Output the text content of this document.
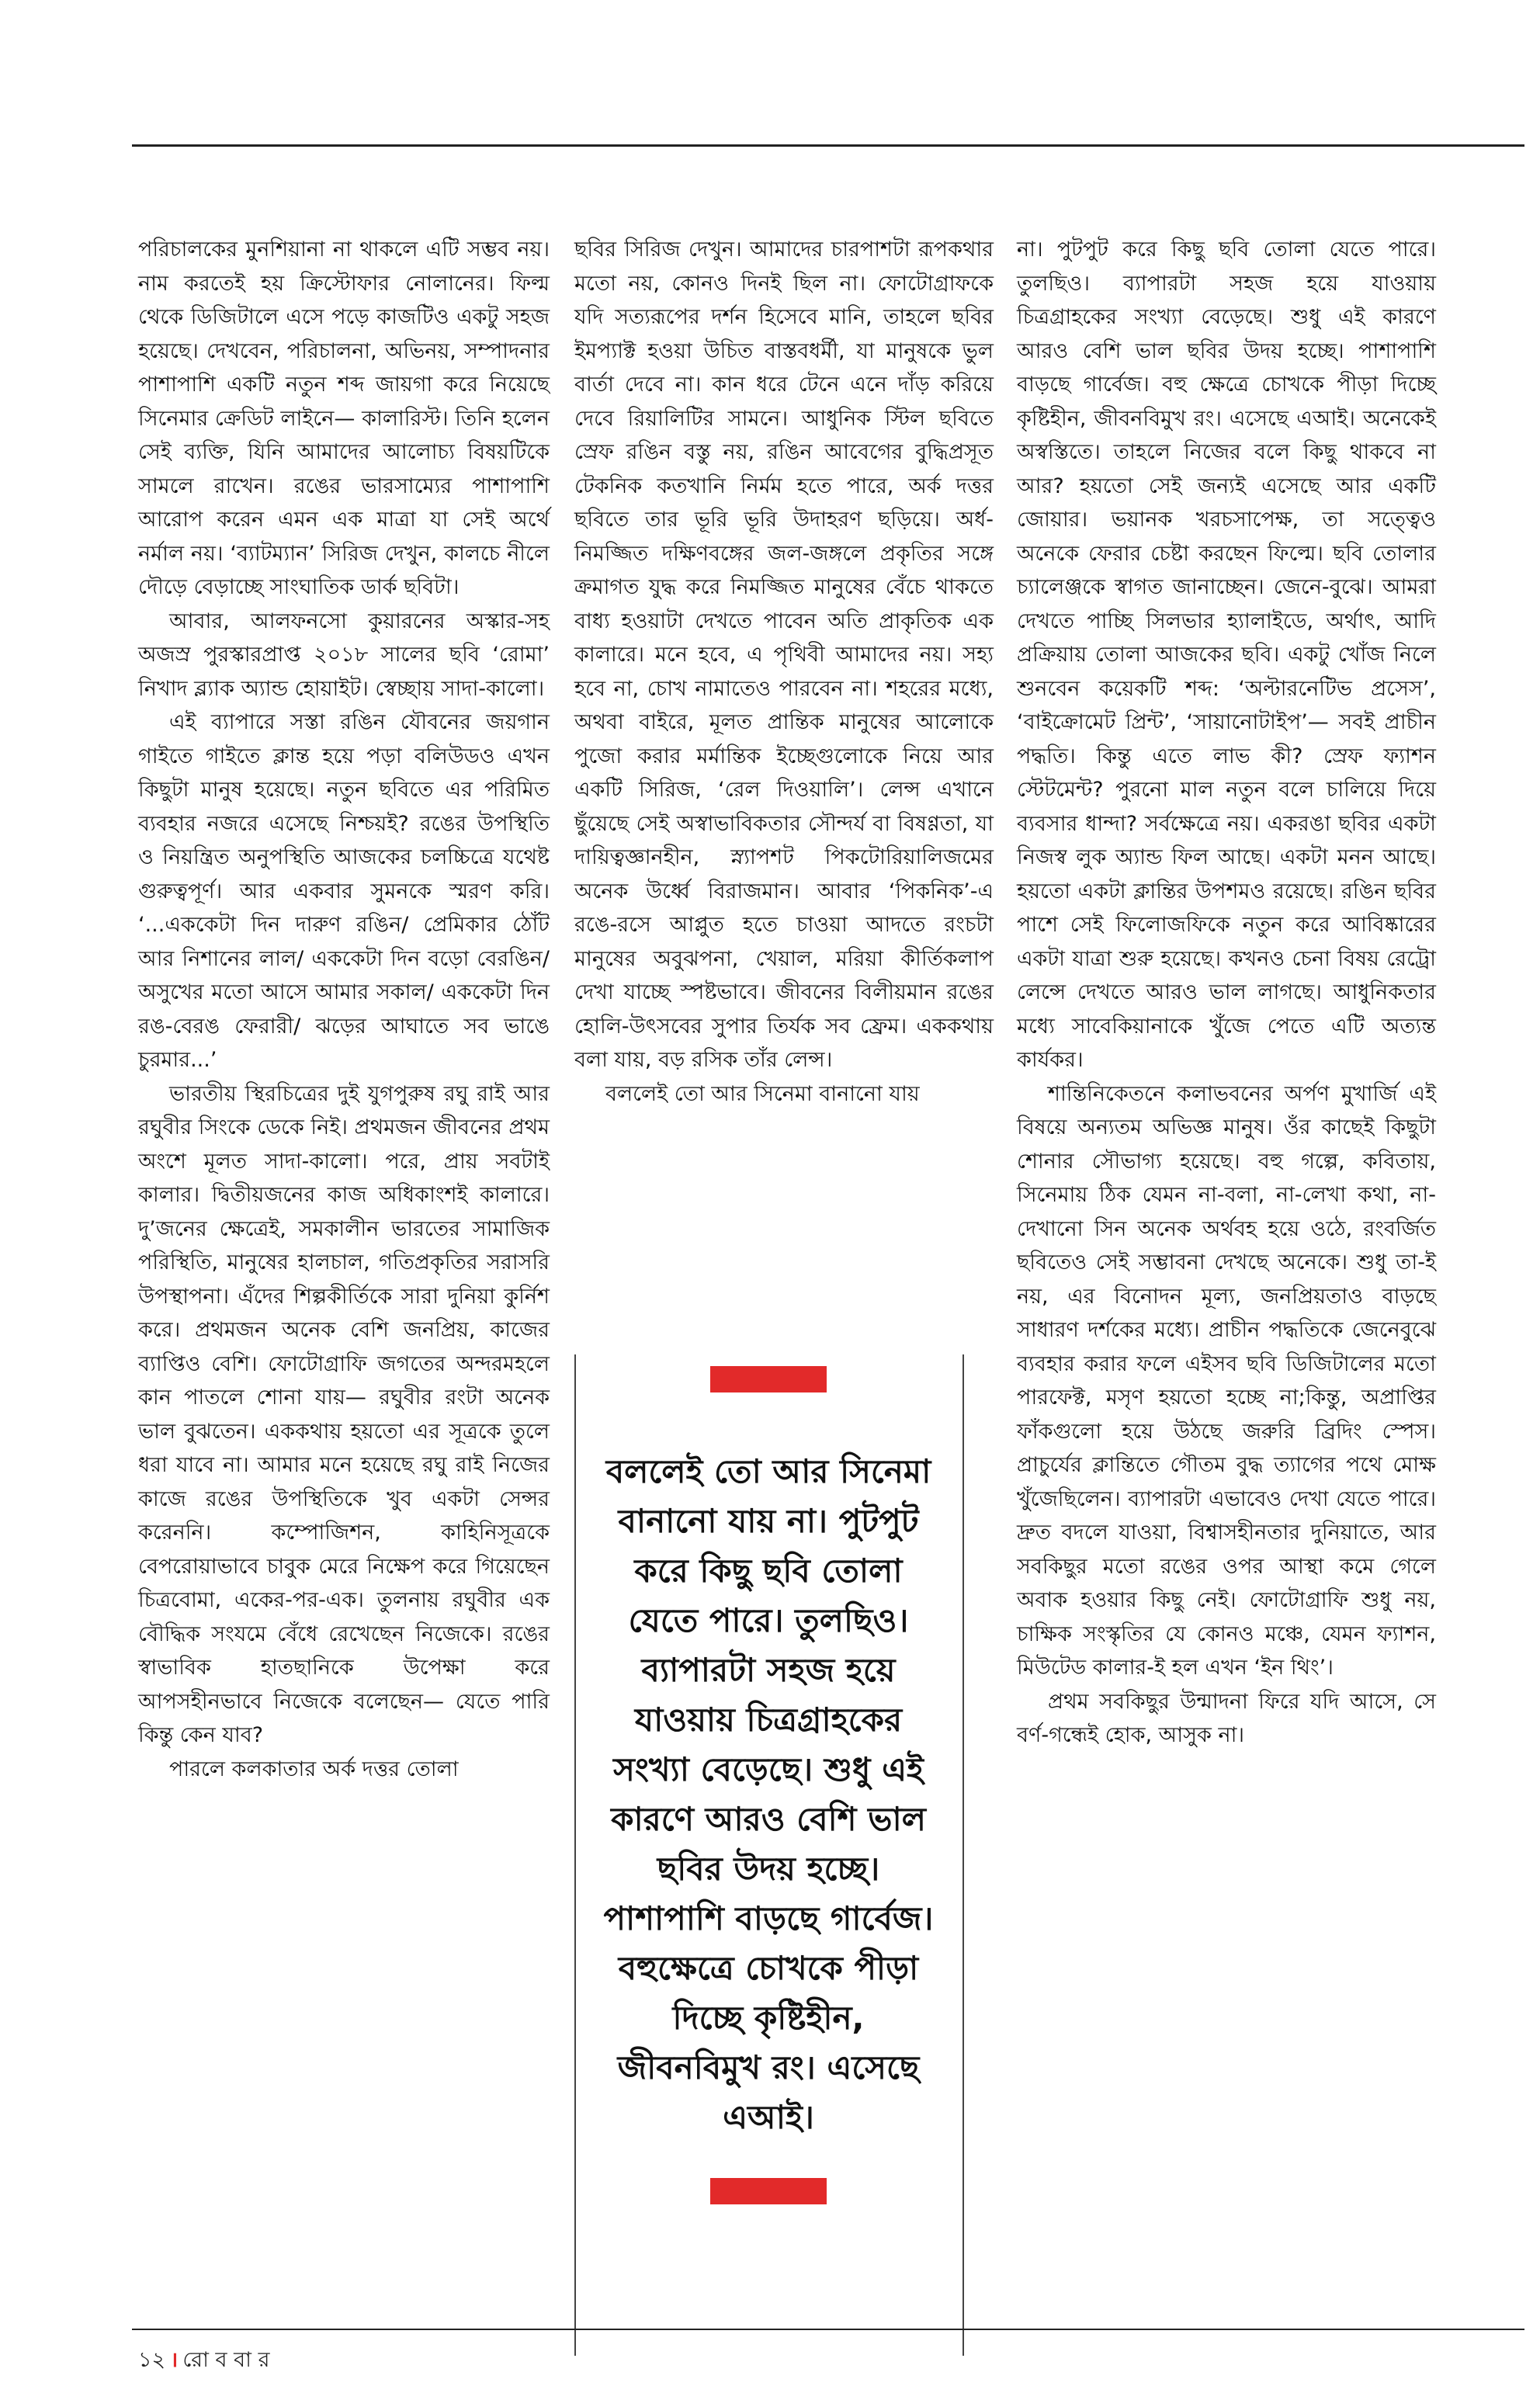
পরিচালকের মুনশিয়ানা না থাকলে এটি সম্ভব নয়। নাম করতেই হয় ক্রিস্টোফার নোলানের। ফিল্ম থেকে ডিজিটালে এসে পড়ে কাজটিও একটু সহজ হয়েছে। দেখবেন, পরিচালনা, অভিনয়, সম্পাদনার পাশাপাশি একটি নতুন শব্দ জায়গা করে নিয়েছে সিনেমার ক্রেডিট লাইনে— কালারিস্ট। তিনি হলেন সেই ব্যক্তি, যিনি আমাদের আলোচ্য বিষয়টিকে সামলে রাখেন। রঙের ভারসাম্যের পাশাপাশি আরোপ করেন এমন এক মাত্রা যা সেই অর্থে নর্মাল নয়। ‘ব্যাটম্যান’ সিরিজ দেখুন, কালচে নীলে দৌড়ে বেড়াচ্ছে সাংঘাতিক ডার্ক ছবিটা।

আবার, আলফনসো কুয়ারনের অস্কার-সহ অজস্র পুরস্কারপ্রাপ্ত ২০১৮ সালের ছবি ‘রোমা’ নিখাদ ব্ল্যাক অ্যান্ড হোয়াইট। স্বেচ্ছায় সাদা-কালো।

এই ব্যাপারে সস্তা রঙিন যৌবনের জয়গান গাইতে গাইতে ক্লান্ত হয়ে পড়া বলিউডও এখন কিছুটা মানুষ হয়েছে। নতুন ছবিতে এর পরিমিত ব্যবহার নজরে এসেছে নিশ্চয়ই? রঙের উপস্থিতি ও নিয়ন্ত্রিত অনুপস্থিতি আজকের চলচ্চিত্রে যথেষ্ট গুরুত্বপূর্ণ। আর একবার সুমনকে স্মরণ করি। ‘...এককেটা দিন দারুণ রঙিন/ প্রেমিকার ঠোঁট আর নিশানের লাল/ এককেটা দিন বড়ো বেরঙিন/ অসুখের মতো আসে আমার সকাল/ এককেটা দিন রঙ-বেরঙ ফেরারী/ ঝড়ের আঘাতে সব ভাঙে চুরমার...’

ভারতীয় স্থিরচিত্রের দুই যুগপুরুষ রঘু রাই আর রঘুবীর সিংকে ডেকে নিই। প্রথমজন জীবনের প্রথম অংশে মূলত সাদা-কালো। পরে, প্রায় সবটাই কালার। দ্বিতীয়জনের কাজ অধিকাংশই কালারে। দু’জনের ক্ষেত্রেই, সমকালীন ভারতের সামাজিক পরিস্থিতি, মানুষের হালচাল, গতিপ্রকৃতির সরাসরি উপস্থাপনা। এঁদের শিল্পকীর্তিকে সারা দুনিয়া কুর্নিশ করে। প্রথমজন অনেক বেশি জনপ্রিয়, কাজের ব্যাপ্তিও বেশি। ফোটোগ্রাফি জগতের অন্দরমহলে কান পাতলে শোনা যায়— রঘুবীর রংটা অনেক ভাল বুঝতেন। এককথায় হয়তো এর সূত্রকে তুলে ধরা যাবে না। আমার মনে হয়েছে রঘু রাই নিজের কাজে রঙের উপস্থিতিকে খুব একটা সেন্সর করেননি। কম্পোজিশন, কাহিনিসূত্রকে বেপরোয়াভাবে চাবুক মেরে নিক্ষেপ করে গিয়েছেন চিত্রবোমা, একের-পর-এক। তুলনায় রঘুবীর এক বৌদ্ধিক সংযমে বেঁধে রেখেছেন নিজেকে। রঙের স্বাভাবিক হাতছানিকে উপেক্ষা করে আপসহীনভাবে নিজেকে বলেছেন— যেতে পারি কিন্তু কেন যাব?

পারলে কলকাতার অর্ক দত্তর তোলা

ছবির সিরিজ দেখুন। আমাদের চারপাশটা রূপকথার মতো নয়, কোনও দিনই ছিল না। ফোটোগ্রাফকে যদি সত্যরূপের দর্শন হিসেবে মানি, তাহলে ছবির ইমপ্যাক্ট হওয়া উচিত বাস্তবধর্মী, যা মানুষকে ভুল বার্তা দেবে না। কান ধরে টেনে এনে দাঁড় করিয়ে দেবে রিয়ালিটির সামনে। আধুনিক স্টিল ছবিতে স্রেফ রঙিন বস্তু নয়, রঙিন আবেগের বুদ্ধিপ্রসূত টেকনিক কতখানি নির্মম হতে পারে, অর্ক দত্তর ছবিতে তার ভূরি ভূরি উদাহরণ ছড়িয়ে। অর্ধ-নিমজ্জিত দক্ষিণবঙ্গের জল-জঙ্গলে প্রকৃতির সঙ্গে ক্রমাগত যুদ্ধ করে নিমজ্জিত মানুষের বেঁচে থাকতে বাধ্য হওয়াটা দেখতে পাবেন অতি প্রাকৃতিক এক কালারে। মনে হবে, এ পৃথিবী আমাদের নয়। সহ্য হবে না, চোখ নামাতেও পারবেন না। শহরের মধ্যে, অথবা বাইরে, মূলত প্রান্তিক মানুষের আলোকে পুজো করার মর্মান্তিক ইচ্ছেগুলোকে নিয়ে আর একটি সিরিজ, ‘রেল দিওয়ালি’। লেন্স এখানে ছুঁয়েছে সেই অস্বাভাবিকতার সৌন্দর্য বা বিষণ্ণতা, যা দায়িত্বজ্ঞানহীন, স্ন্যাপশট পিকটোরিয়ালিজমের অনেক উর্ধ্বে বিরাজমান। আবার ‘পিকনিক’-এ রঙে-রসে আপ্লুত হতে চাওয়া আদতে রংচটা মানুষের অবুঝপনা, খেয়াল, মরিয়া কীর্তিকলাপ দেখা যাচ্ছে স্পষ্টভাবে। জীবনের বিলীয়মান রঙের হোলি-উৎসবের সুপার তির্যক সব ফ্রেম। এককথায় বলা যায়, বড় রসিক তাঁর লেন্স।

বললেই তো আর সিনেমা বানানো যায়

বললেই তো আর সিনেমা বানানো যায় না। পুটপুট করে কিছু ছবি তোলা যেতে পারে। তুলছিও। ব্যাপারটা সহজ হয়ে যাওয়ায় চিত্রগ্রাহকের সংখ্যা বেড়েছে। শুধু এই কারণে আরও বেশি ভাল ছবির উদয় হচ্ছে। পাশাপাশি বাড়ছে গার্বেজ। বহুক্ষেত্রে চোখকে পীড়া দিচ্ছে কৃষ্টিহীন, জীবনবিমুখ রং। এসেছে এআই।

না। পুটপুট করে কিছু ছবি তোলা যেতে পারে। তুলছিও। ব্যাপারটা সহজ হয়ে যাওয়ায় চিত্রগ্রাহকের সংখ্যা বেড়েছে। শুধু এই কারণে আরও বেশি ভাল ছবির উদয় হচ্ছে। পাশাপাশি বাড়ছে গার্বেজ। বহু ক্ষেত্রে চোখকে পীড়া দিচ্ছে কৃষ্টিহীন, জীবনবিমুখ রং। এসেছে এআই। অনেকেই অস্বস্তিতে। তাহলে নিজের বলে কিছু থাকবে না আর? হয়তো সেই জন্যই এসেছে আর একটি জোয়ার। ভয়ানক খরচসাপেক্ষ, তা সত্ত্বেও অনেকে ফেরার চেষ্টা করছেন ফিল্মে। ছবি তোলার চ্যালেঞ্জকে স্বাগত জানাচ্ছেন। জেনে-বুঝে। আমরা দেখতে পাচ্ছি সিলভার হ্যালাইডে, অর্থাৎ, আদি প্রক্রিয়ায় তোলা আজকের ছবি। একটু খোঁজ নিলে শুনবেন কয়েকটি শব্দ: ‘অল্টারনেটিভ প্রসেস’, ‘বাইক্রোমেট প্রিন্ট’, ‘সায়ানোটাইপ’— সবই প্রাচীন পদ্ধতি। কিন্তু এতে লাভ কী? স্রেফ ফ্যাশন স্টেটমেন্ট? পুরনো মাল নতুন বলে চালিয়ে দিয়ে ব্যবসার ধান্দা? সর্বক্ষেত্রে নয়। একরঙা ছবির একটা নিজস্ব লুক অ্যান্ড ফিল আছে। একটা মনন আছে। হয়তো একটা ক্লান্তির উপশমও রয়েছে। রঙিন ছবির পাশে সেই ফিলোজফিকে নতুন করে আবিষ্কারের একটা যাত্রা শুরু হয়েছে। কখনও চেনা বিষয় রেট্রো লেন্সে দেখতে আরও ভাল লাগছে। আধুনিকতার মধ্যে সাবেকিয়ানাকে খুঁজে পেতে এটি অত্যন্ত কার্যকর।

শান্তিনিকেতনে কলাভবনের অর্পণ মুখার্জি এই বিষয়ে অন্যতম অভিজ্ঞ মানুষ। ওঁর কাছেই কিছুটা শোনার সৌভাগ্য হয়েছে। বহু গল্পে, কবিতায়, সিনেমায় ঠিক যেমন না-বলা, না-লেখা কথা, না-দেখানো সিন অনেক অর্থবহ হয়ে ওঠে, রংবর্জিত ছবিতেও সেই সম্ভাবনা দেখছে অনেকে। শুধু তা-ই নয়, এর বিনোদন মূল্য, জনপ্রিয়তাও বাড়ছে সাধারণ দর্শকের মধ্যে। প্রাচীন পদ্ধতিকে জেনেবুঝে ব্যবহার করার ফলে এইসব ছবি ডিজিটালের মতো পারফেক্ট, মসৃণ হয়তো হচ্ছে না;কিন্তু, অপ্রাপ্তির ফাঁকগুলো হয়ে উঠছে জরুরি ব্রিদিং স্পেস। প্রাচুর্যের ক্লান্তিতে গৌতম বুদ্ধ ত্যাগের পথে মোক্ষ খুঁজেছিলেন। ব্যাপারটা এভাবেও দেখা যেতে পারে। দ্রুত বদলে যাওয়া, বিশ্বাসহীনতার দুনিয়াতে, আর সবকিছুর মতো রঙের ওপর আস্থা কমে গেলে অবাক হওয়ার কিছু নেই। ফোটোগ্রাফি শুধু নয়, চাক্ষিক সংস্কৃতির যে কোনও মঞ্চে, যেমন ফ্যাশন, মিউটেড কালার-ই হল এখন ‘ইন থিং’।

প্রথম সবকিছুর উন্মাদনা ফিরে যদি আসে, সে বর্ণ-গন্ধেই হোক, আসুক না।

১২ । রো ব বা র
